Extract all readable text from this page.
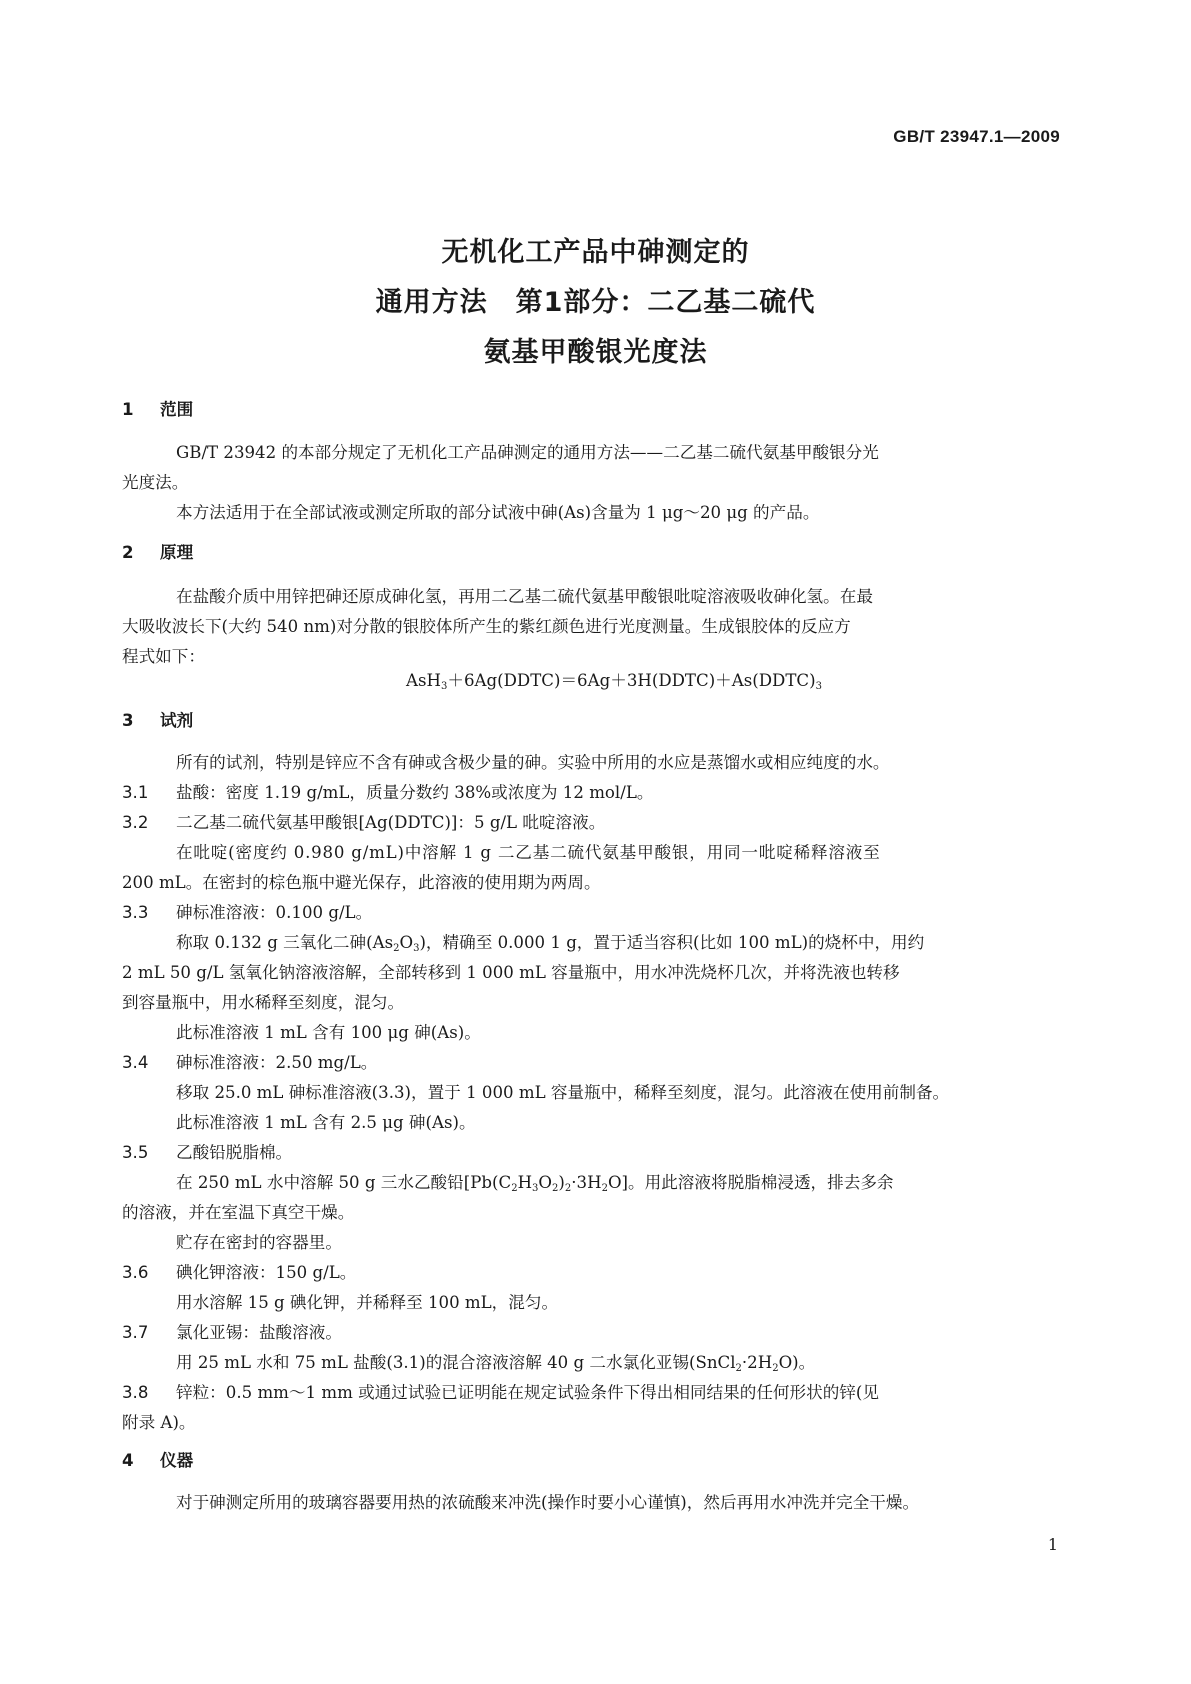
GB/T 23947.1—2009
无机化工产品中砷测定的
通用方法　第1部分：二乙基二硫代
氨基甲酸银光度法
1 范围
GB/T 23942 的本部分规定了无机化工产品砷测定的通用方法——二乙基二硫代氨基甲酸银分光
光度法。
本方法适用于在全部试液或测定所取的部分试液中砷(As)含量为 1 μg～20 μg 的产品。
2 原理
在盐酸介质中用锌把砷还原成砷化氢，再用二乙基二硫代氨基甲酸银吡啶溶液吸收砷化氢。在最
大吸收波长下(大约 540 nm)对分散的银胶体所产生的紫红颜色进行光度测量。生成银胶体的反应方
程式如下：
$AsH_3+6Ag(DDTC)=6Ag+3H(DDTC)+As(DDTC)_3$
3 试剂
所有的试剂，特别是锌应不含有砷或含极少量的砷。实验中所用的水应是蒸馏水或相应纯度的水。
3.1 盐酸：密度 1.19 g/mL，质量分数约 38%或浓度为 12 mol/L。
3.2 二乙基二硫代氨基甲酸银[Ag(DDTC)]：5 g/L 吡啶溶液。
在吡啶(密度约 0.980 g/mL)中溶解 1 g 二乙基二硫代氨基甲酸银，用同一吡啶稀释溶液至
200 mL。在密封的棕色瓶中避光保存，此溶液的使用期为两周。
3.3 砷标准溶液：0.100 g/L。
称取 0.132 g 三氧化二砷$(As_2O_3)$，精确至 0.000 1 g，置于适当容积(比如 100 mL)的烧杯中，用约
2 mL 50 g/L 氢氧化钠溶液溶解，全部转移到 1 000 mL 容量瓶中，用水冲洗烧杯几次，并将洗液也转移
到容量瓶中，用水稀释至刻度，混匀。
此标准溶液 1 mL 含有 100 μg 砷(As)。
3.4 砷标准溶液：2.50 mg/L。
移取 25.0 mL 砷标准溶液(3.3)，置于 1 000 mL 容量瓶中，稀释至刻度，混匀。此溶液在使用前制备。
此标准溶液 1 mL 含有 2.5 μg 砷(As)。
3.5 乙酸铅脱脂棉。
在 250 mL 水中溶解 50 g 三水乙酸铅$[Pb(C_2H_3O_2)_2\cdot 3H_2O]$。用此溶液将脱脂棉浸透，排去多余
的溶液，并在室温下真空干燥。
贮存在密封的容器里。
3.6 碘化钾溶液：150 g/L。
用水溶解 15 g 碘化钾，并稀释至 100 mL，混匀。
3.7 氯化亚锡：盐酸溶液。
用 25 mL 水和 75 mL 盐酸(3.1)的混合溶液溶解 40 g 二水氯化亚锡$(SnCl_2\cdot 2H_2O)$。
3.8 锌粒：0.5 mm～1 mm 或通过试验已证明能在规定试验条件下得出相同结果的任何形状的锌(见
附录 A)。
4 仪器
对于砷测定所用的玻璃容器要用热的浓硫酸来冲洗(操作时要小心谨慎)，然后再用水冲洗并完全干燥。
1
